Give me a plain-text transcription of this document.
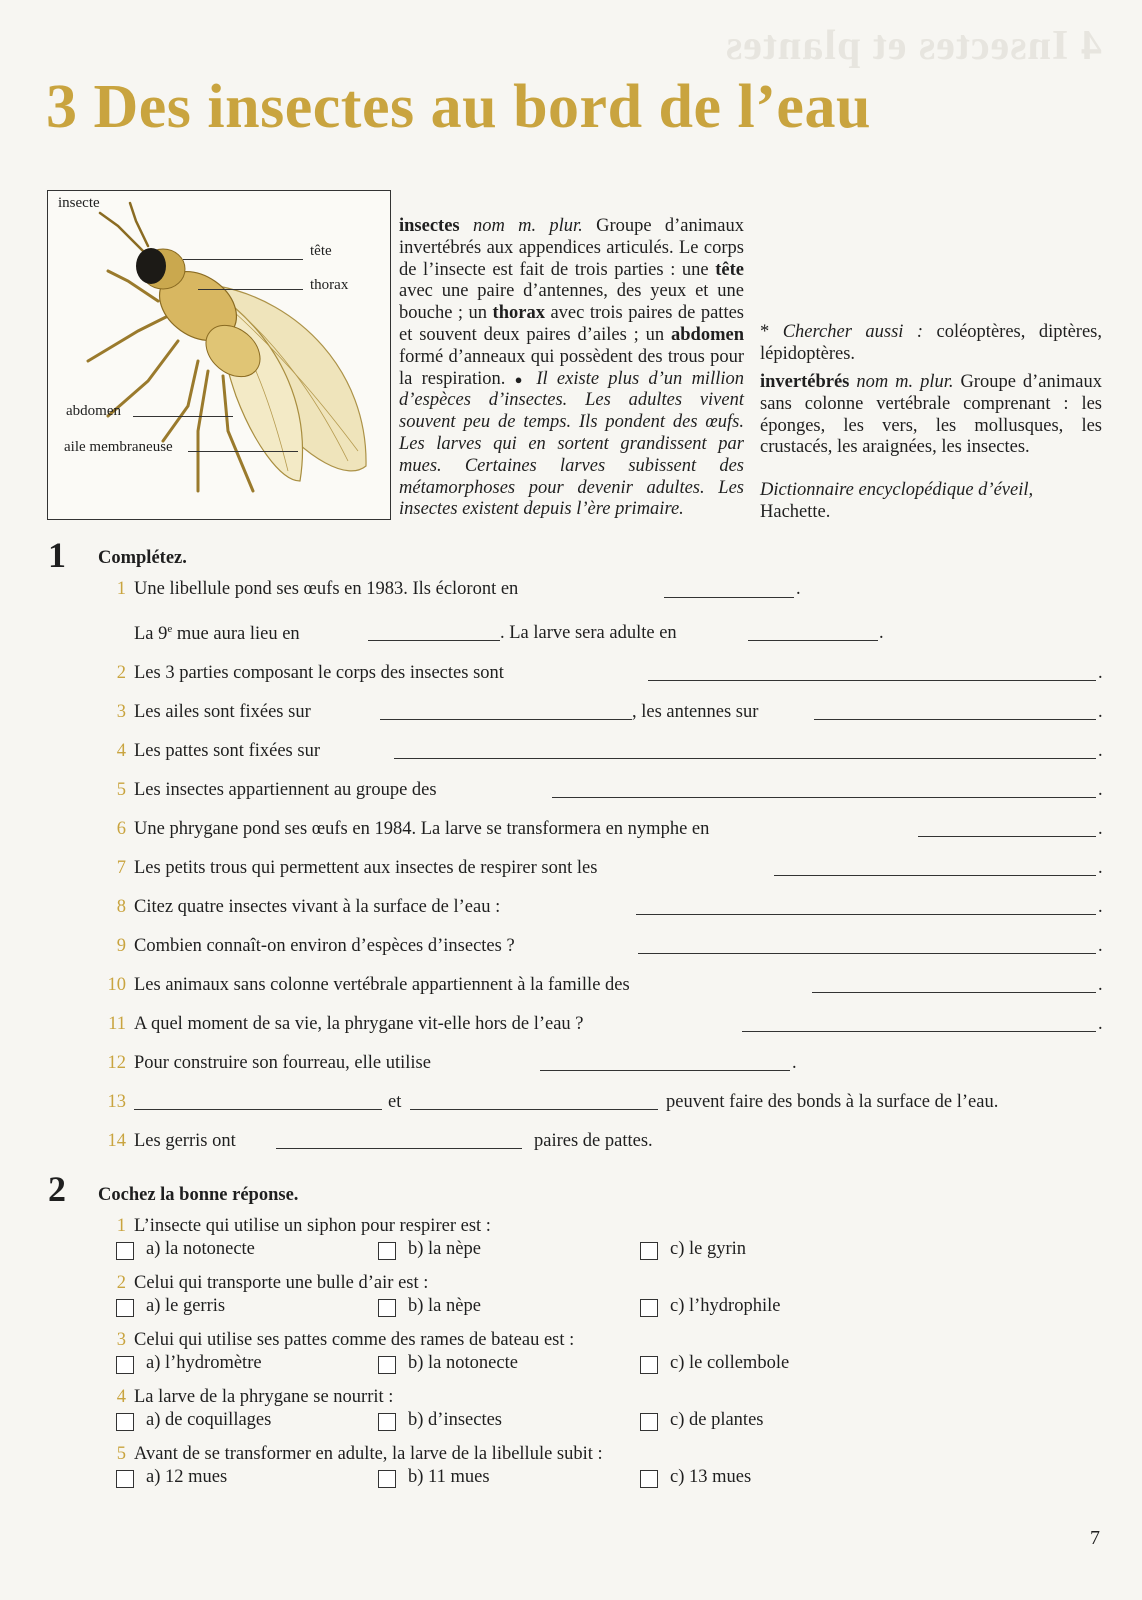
4 Insectes et plantes
3 Des insectes au bord de l’eau
insecte
tête
thorax
abdomen
aile membraneuse
insectes nom m. plur. Groupe d’animaux invertébrés aux appendices articulés. Le corps de l’insecte est fait de trois parties : une tête avec une paire d’antennes, des yeux et une bouche ; un thorax avec trois paires de pattes et souvent deux paires d’ailes ; un abdomen formé d’anneaux qui possèdent des trous pour la respiration. ● Il existe plus d’un million d’espèces d’insectes. Les adultes vivent souvent peu de temps. Ils pondent des œufs. Les larves qui en sortent grandissent par mues. Certaines larves subissent des métamorphoses pour devenir adultes. Les insectes existent depuis l’ère primaire.
* Chercher aussi : coléoptères, diptères, lépidoptères.
invertébrés nom m. plur. Groupe d’animaux sans colonne vertébrale comprenant : les éponges, les vers, les mollusques, les crustacés, les araignées, les insectes.
Dictionnaire encyclopédique d’éveil,
Hachette.
1 Complétez.
1 Une libellule pond ses œufs en 1983. Ils écloront en	.
La 9e mue aura lieu en	. La larve sera adulte en	.
2 Les 3 parties composant le corps des insectes sont	.
3 Les ailes sont fixées sur	, les antennes sur	.
4 Les pattes sont fixées sur	.
5 Les insectes appartiennent au groupe des	.
6 Une phrygane pond ses œufs en 1984. La larve se transformera en nymphe en	.
7 Les petits trous qui permettent aux insectes de respirer sont les	.
8 Citez quatre insectes vivant à la surface de l’eau :	.
9 Combien connaît-on environ d’espèces d’insectes ?	.
10 Les animaux sans colonne vertébrale appartiennent à la famille des	.
11 A quel moment de sa vie, la phrygane vit-elle hors de l’eau ?	.
12 Pour construire son fourreau, elle utilise	.
13	et	peuvent faire des bonds à la surface de l’eau.
14 Les gerris ont	paires de pattes.
2 Cochez la bonne réponse.
1 L’insecte qui utilise un siphon pour respirer est :
a) la notonecte	b) la nèpe	c) le gyrin
2 Celui qui transporte une bulle d’air est :
a) le gerris	b) la nèpe	c) l’hydrophile
3 Celui qui utilise ses pattes comme des rames de bateau est :
a) l’hydromètre	b) la notonecte	c) le collembole
4 La larve de la phrygane se nourrit :
a) de coquillages	b) d’insectes	c) de plantes
5 Avant de se transformer en adulte, la larve de la libellule subit :
a) 12 mues	b) 11 mues	c) 13 mues
7
